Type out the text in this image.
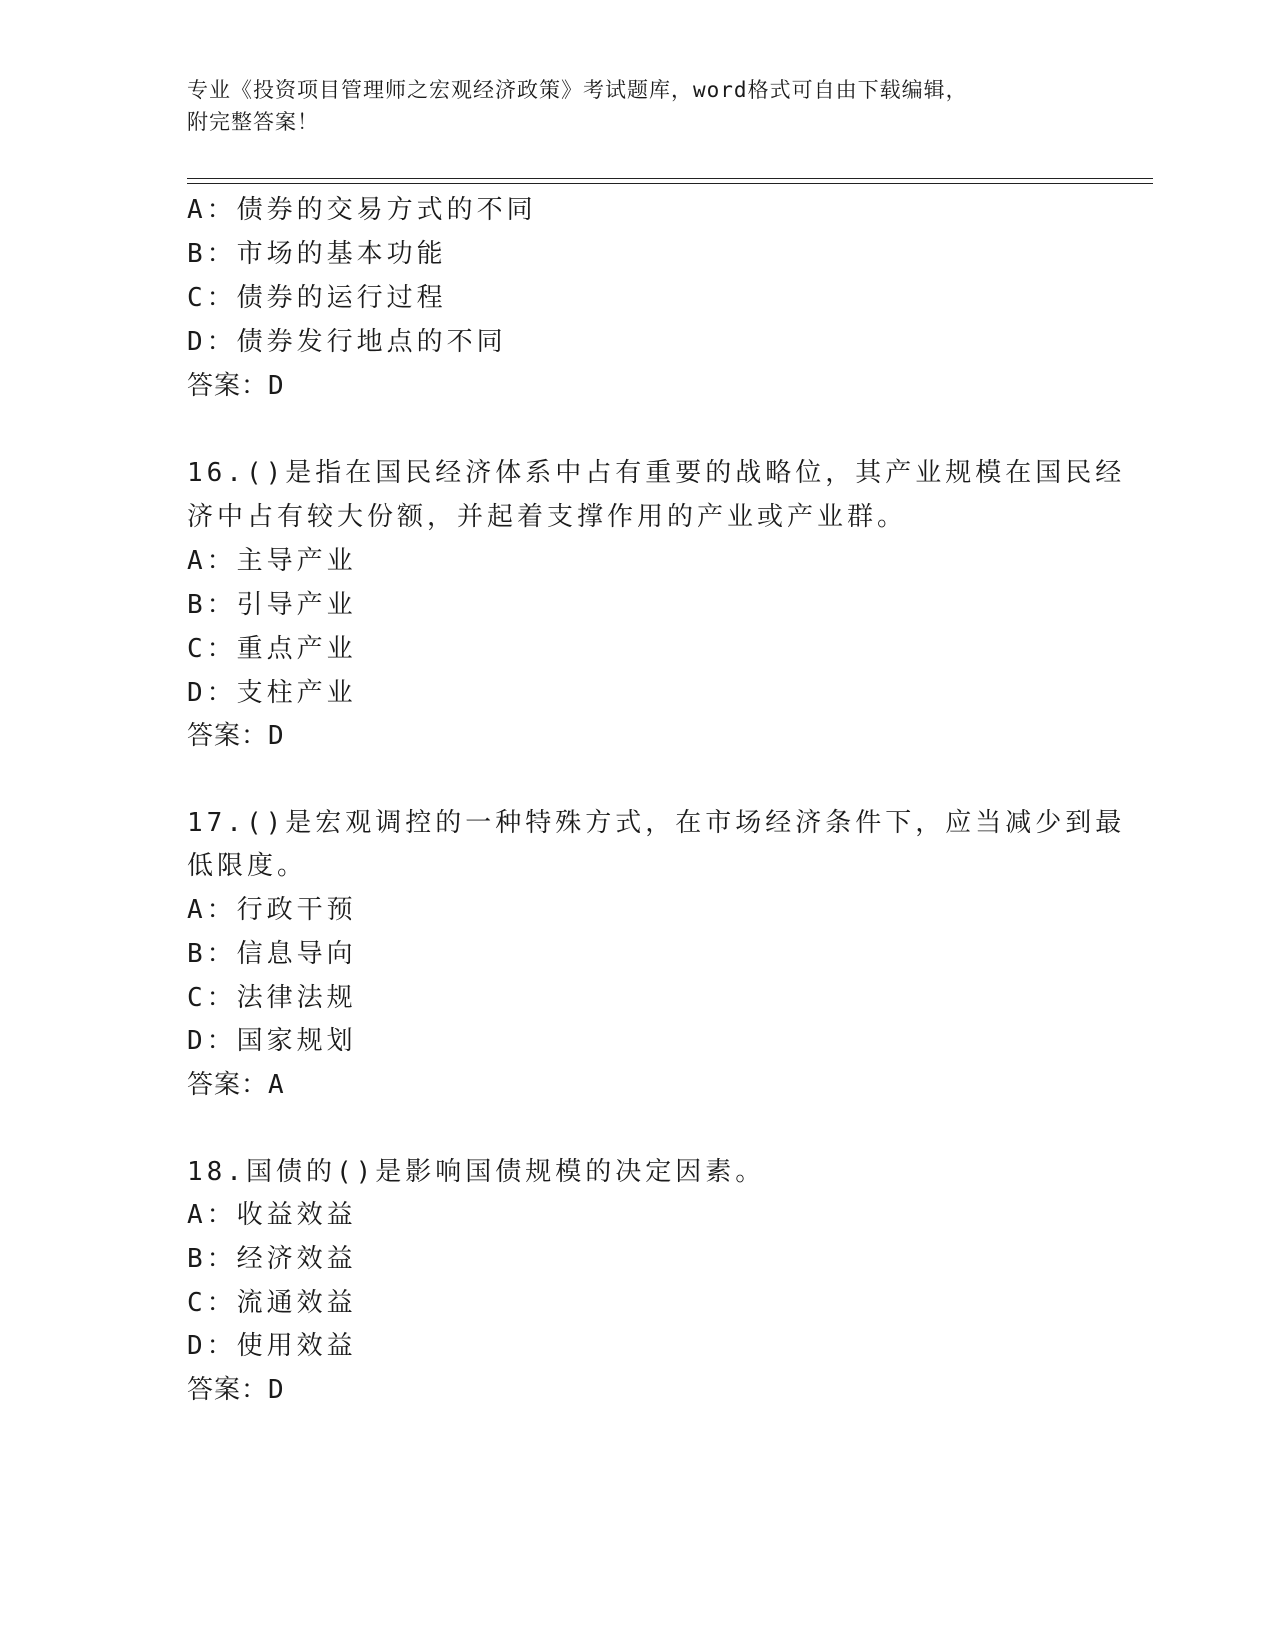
专业《投资项目管理师之宏观经济政策》考试题库，word格式可自由下载编辑，
附完整答案！
A：债券的交易方式的不同
B：市场的基本功能
C：债券的运行过程
D：债券发行地点的不同
答案：D
16.()是指在国民经济体系中占有重要的战略位，其产业规模在国民经
济中占有较大份额，并起着支撑作用的产业或产业群。
A：主导产业
B：引导产业
C：重点产业
D：支柱产业
答案：D
17.()是宏观调控的一种特殊方式，在市场经济条件下，应当减少到最
低限度。
A：行政干预
B：信息导向
C：法律法规
D：国家规划
答案：A
18.国债的()是影响国债规模的决定因素。
A：收益效益
B：经济效益
C：流通效益
D：使用效益
答案：D
